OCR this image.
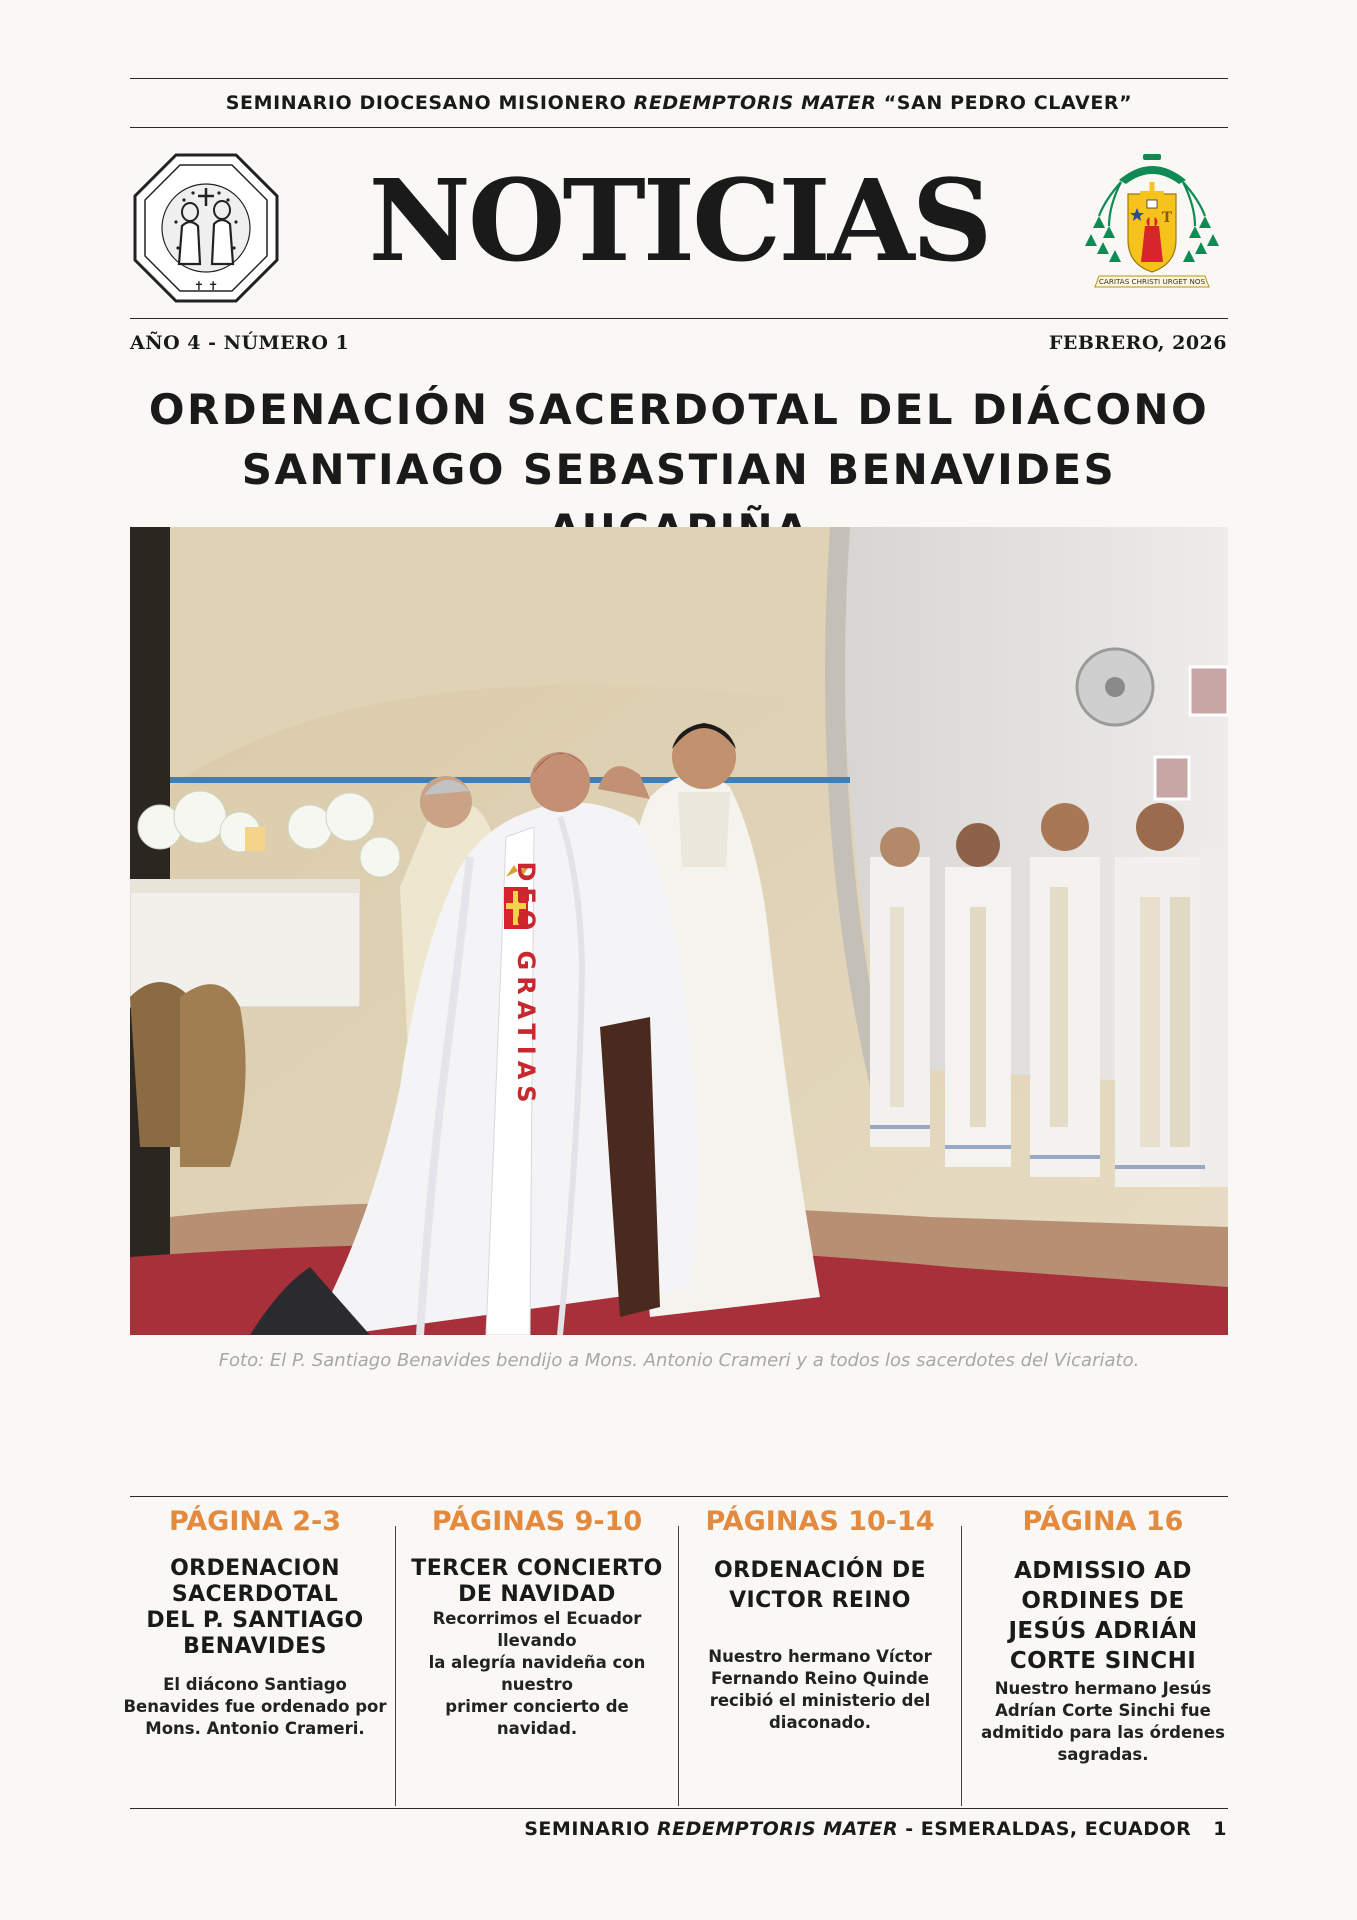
SEMINARIO DIOCESANO MISIONERO REDEMPTORIS MATER “SAN PEDRO CLAVER”
✝ ✝	NOTICIAS	T
CARITAS CHRISTI URGET NOS
AÑO 4 - NÚMERO 1	FEBRERO, 2026
ORDENACIÓN SACERDOTAL DEL DIÁCONO
SANTIAGO SEBASTIAN BENAVIDES
DEO GRATIAS
Foto: El P. Santiago Benavides bendijo a Mons. Antonio Crameri y a todos los sacerdotes del Vicariato.
PÁGINA 2-3
ORDENACION
SACERDOTAL
DEL P. SANTIAGO
BENAVIDES
El diácono Santiago
Benavides fue ordenado por
Mons. Antonio Crameri.
PÁGINAS 9-10
TERCER CONCIERTO
DE NAVIDAD
Recorrimos el Ecuador
llevando
la alegría navideña con
nuestro
primer concierto de
navidad.
PÁGINAS 10-14
ORDENACIÓN DE
VICTOR REINO
Nuestro hermano Víctor
Fernando Reino Quinde
recibió el ministerio del
diaconado.
PÁGINA 16
ADMISSIO AD
ORDINES DE
JESÚS ADRIÁN
CORTE SINCHI
Nuestro hermano Jesús
Adrían Corte Sinchi fue
admitido para las órdenes
sagradas.
SEMINARIO REDEMPTORIS MATER - ESMERALDAS, ECUADOR 1
